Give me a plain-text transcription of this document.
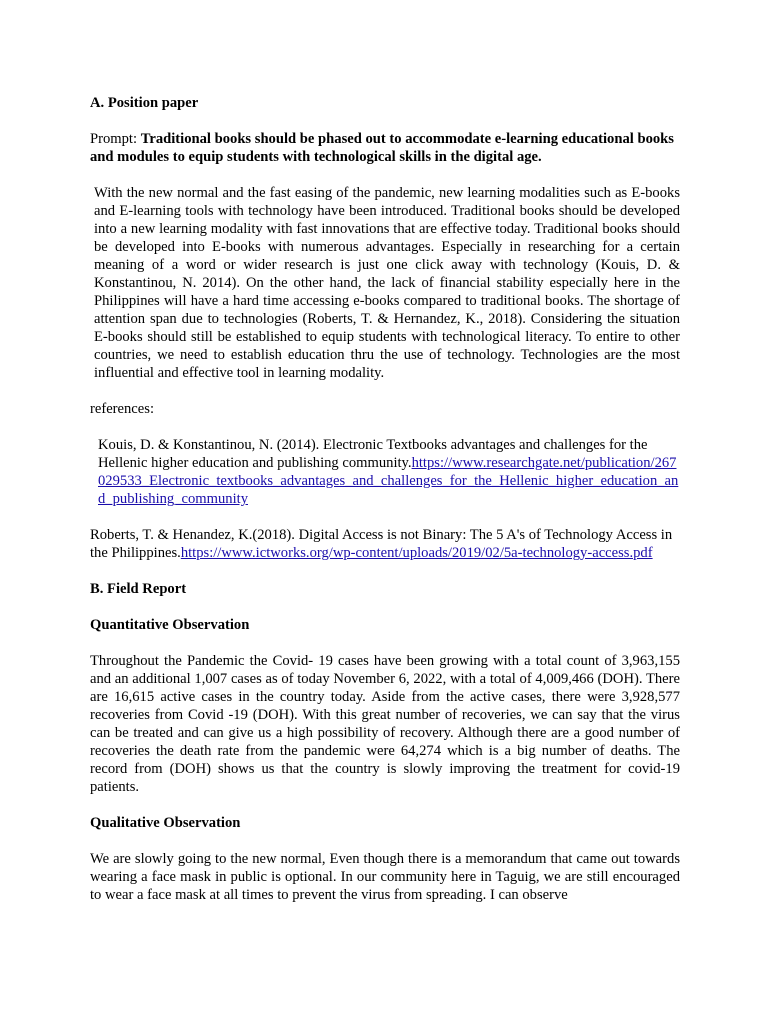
A. Position paper
Prompt: Traditional books should be phased out to accommodate e-learning educational books and modules to equip students with technological skills in the digital age.
With the new normal and the fast easing of the pandemic, new learning modalities such as E-books and E-learning tools with technology have been introduced. Traditional books should be developed into a new learning modality with fast innovations that are effective today. Traditional books should be developed into E-books with numerous advantages. Especially in researching for a certain meaning of a word or wider research is just one click away with technology (Kouis, D. & Konstantinou, N. 2014). On the other hand, the lack of financial stability especially here in the Philippines will have a hard time accessing e-books compared to traditional books. The shortage of attention span due to technologies (Roberts, T. & Hernandez, K., 2018). Considering the situation E-books should still be established to equip students with technological literacy. To entire to other countries, we need to establish education thru the use of technology. Technologies are the most influential and effective tool in learning modality.
references:
Kouis, D. & Konstantinou, N. (2014). Electronic Textbooks advantages and challenges for the Hellenic higher education and publishing community.https://www.researchgate.net/publication/267029533_Electronic_textbooks_advantages_and_challenges_for_the_Hellenic_higher_education_and_publishing_community
Roberts, T. & Henandez, K.(2018). Digital Access is not Binary: The 5 A's of Technology Access in the Philippines.https://www.ictworks.org/wp-content/uploads/2019/02/5a-technology-access.pdf
B. Field Report
Quantitative Observation
Throughout the Pandemic the Covid- 19 cases have been growing with a total count of 3,963,155 and an additional 1,007 cases as of today November 6, 2022, with a total of 4,009,466 (DOH). There are 16,615 active cases in the country today. Aside from the active cases, there were 3,928,577 recoveries from Covid -19 (DOH). With this great number of recoveries, we can say that the virus can be treated and can give us a high possibility of recovery. Although there are a good number of recoveries the death rate from the pandemic were 64,274 which is a big number of deaths. The record from (DOH) shows us that the country is slowly improving the treatment for covid-19 patients.
Qualitative Observation
We are slowly going to the new normal, Even though there is a memorandum that came out towards wearing a face mask in public is optional. In our community here in Taguig, we are still encouraged to wear a face mask at all times to prevent the virus from spreading. I can observe
